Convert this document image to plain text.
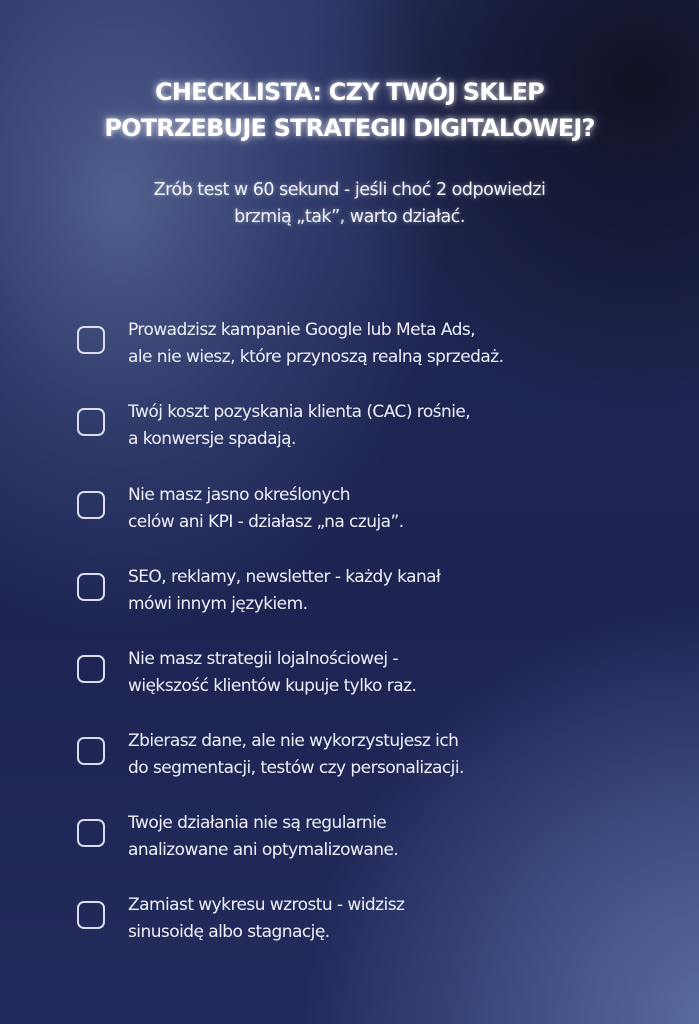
CHECKLISTA: CZY TWÓJ SKLEP
POTRZEBUJE STRATEGII DIGITALOWEJ?

Zrób test w 60 sekund - jeśli choć 2 odpowiedzi
brzmią „tak”, warto działać.

Prowadzisz kampanie Google lub Meta Ads,
ale nie wiesz, które przynoszą realną sprzedaż.
Twój koszt pozyskania klienta (CAC) rośnie,
a konwersje spadają.
Nie masz jasno określonych
celów ani KPI - działasz „na czuja”.
SEO, reklamy, newsletter - każdy kanał
mówi innym językiem.
Nie masz strategii lojalnościowej -
większość klientów kupuje tylko raz.
Zbierasz dane, ale nie wykorzystujesz ich
do segmentacji, testów czy personalizacji.
Twoje działania nie są regularnie
analizowane ani optymalizowane.
Zamiast wykresu wzrostu - widzisz
sinusoidę albo stagnację.
